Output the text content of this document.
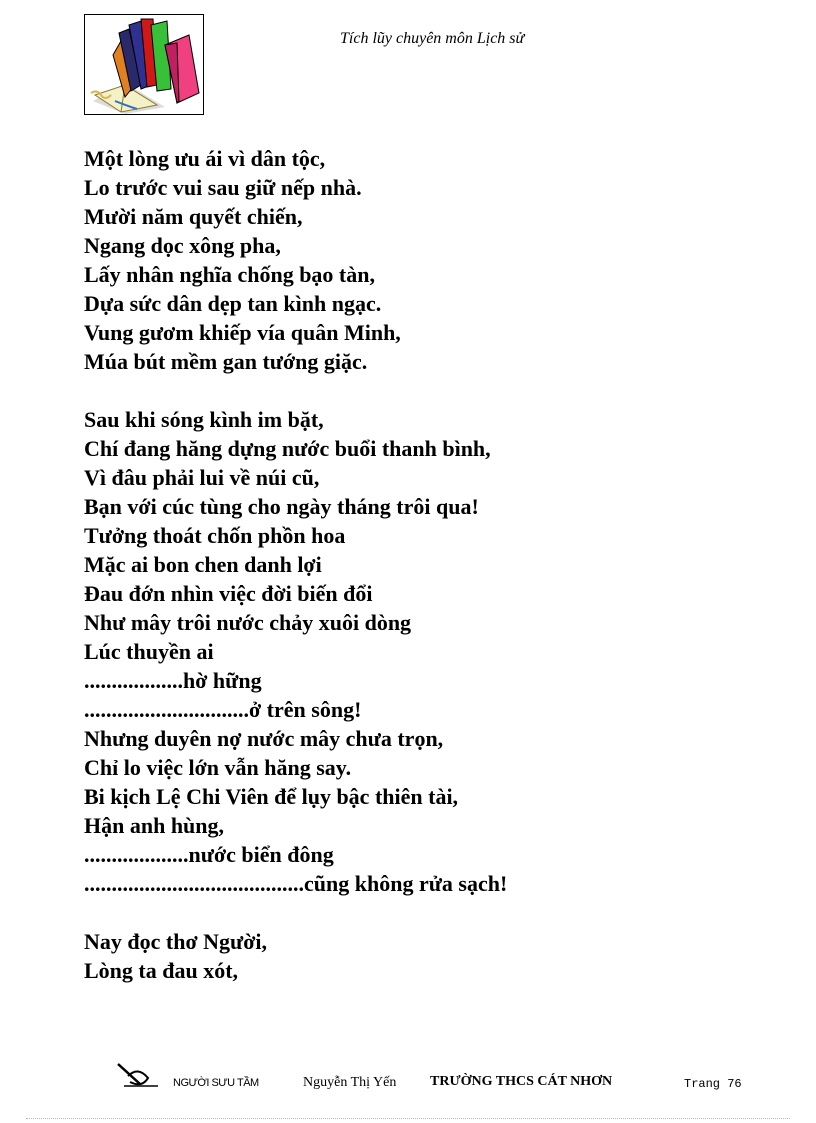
Tích lũy chuyên môn Lịch sử
Một lòng ưu ái vì dân tộc,
Lo trước vui sau giữ nếp nhà.
Mười năm quyết chiến,
Ngang dọc xông pha,
Lấy nhân nghĩa chống bạo tàn,
Dựa sức dân dẹp tan kình ngạc.
Vung gươm khiếp vía quân Minh,
Múa bút mềm gan tướng giặc.
Sau khi sóng kình im bặt,
Chí đang hăng dựng nước buổi thanh bình,
Vì đâu phải lui về núi cũ,
Bạn với cúc tùng cho ngày tháng trôi qua!
Tưởng thoát chốn phồn hoa
Mặc ai bon chen danh lợi
Đau đớn nhìn việc đời biến đổi
Như mây trôi nước chảy xuôi dòng
Lúc thuyền ai
..................hờ hững
..............................ở trên sông!
Nhưng duyên nợ nước mây chưa trọn,
Chỉ lo việc lớn vẫn hăng say.
Bi kịch Lệ Chi Viên để lụy bậc thiên tài,
Hận anh hùng,
...................nước biển đông
........................................cũng không rửa sạch!
Nay đọc thơ Người,
Lòng ta đau xót,
NGƯỜI SƯU TẦM	Nguyễn Thị Yến TRƯỜNG THCS CÁT NHƠN	Trang 76
